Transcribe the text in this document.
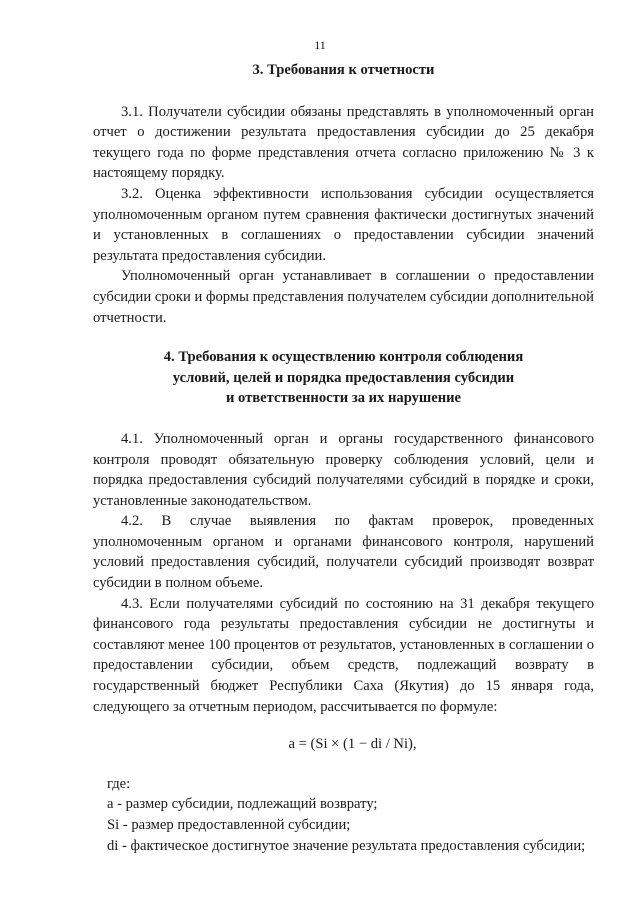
11
3. Требования к отчетности

3.1. Получатели субсидии обязаны представлять в уполномоченный орган отчет о достижении результата предоставления субсидии до 25 декабря текущего года по форме представления отчета согласно приложению № 3 к настоящему порядку.

3.2. Оценка эффективности использования субсидии осуществляется уполномоченным органом путем сравнения фактически достигнутых значений и установленных в соглашениях о предоставлении субсидии значений результата предоставления субсидии.

Уполномоченный орган устанавливает в соглашении о предоставлении субсидии сроки и формы представления получателем субсидии дополнительной отчетности.

4. Требования к осуществлению контроля соблюдения
условий, целей и порядка предоставления субсидии
и ответственности за их нарушение

4.1. Уполномоченный орган и органы государственного финансового контроля проводят обязательную проверку соблюдения условий, цели и порядка предоставления субсидий получателями субсидий в порядке и сроки, установленные законодательством.

4.2. В случае выявления по фактам проверок, проведенных уполномоченным органом и органами финансового контроля, нарушений условий предоставления субсидий, получатели субсидий производят возврат субсидии в полном объеме.

4.3. Если получателями субсидий по состоянию на 31 декабря текущего финансового года результаты предоставления субсидии не достигнуты и составляют менее 100 процентов от результатов, установленных в соглашении о предоставлении субсидии, объем средств, подлежащий возврату в государственный бюджет Республики Саха (Якутия) до 15 января года, следующего за отчетным периодом, рассчитывается по формуле:

a = (Si × (1 − di / Ni),

где:

a - размер субсидии, подлежащий возврату;

Si - размер предоставленной субсидии;

di - фактическое достигнутое значение результата предоставления субсидии;
